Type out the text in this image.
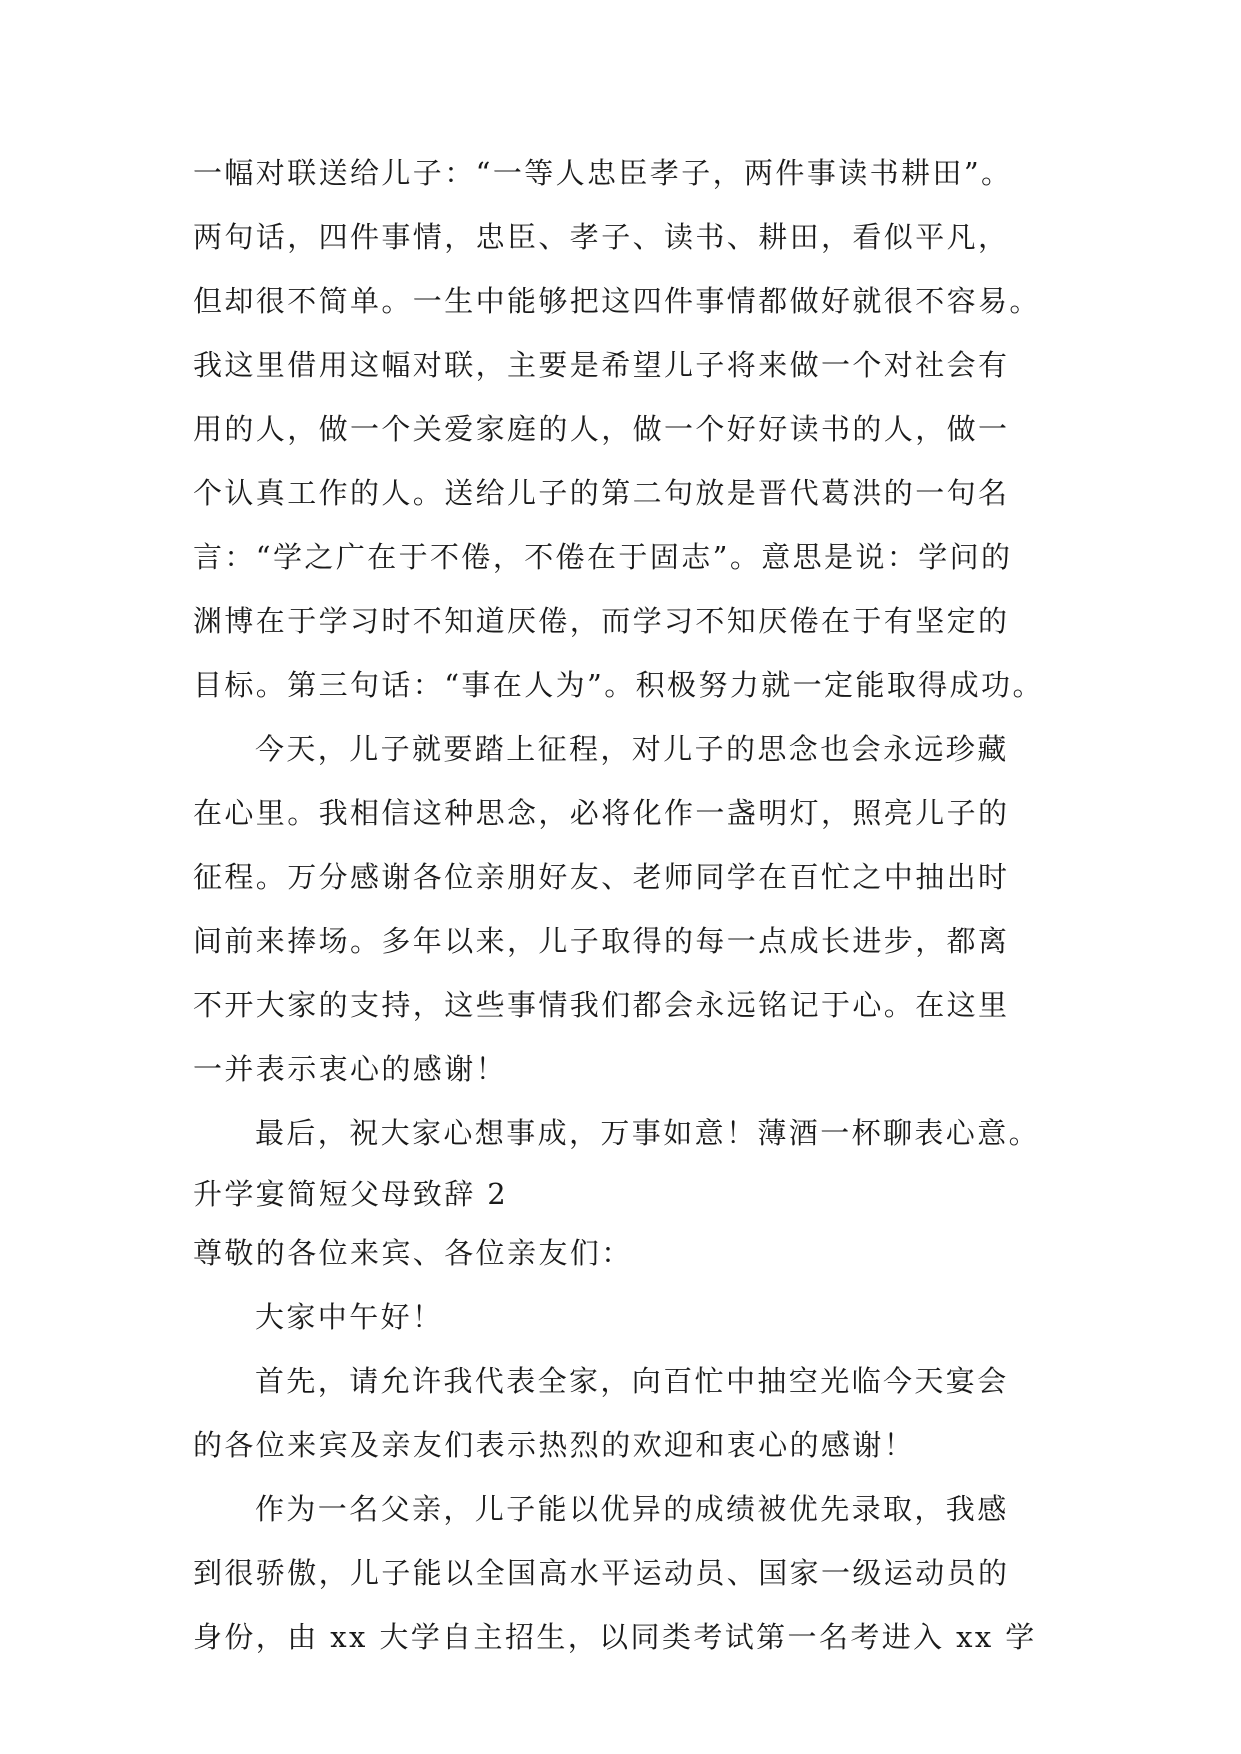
一幅对联送给儿子：“一等人忠臣孝子，两件事读书耕田”。
两句话，四件事情，忠臣、孝子、读书、耕田，看似平凡，
但却很不简单。一生中能够把这四件事情都做好就很不容易。
我这里借用这幅对联，主要是希望儿子将来做一个对社会有
用的人，做一个关爱家庭的人，做一个好好读书的人，做一
个认真工作的人。送给儿子的第二句放是晋代葛洪的一句名
言：“学之广在于不倦，不倦在于固志”。意思是说：学问的
渊博在于学习时不知道厌倦，而学习不知厌倦在于有坚定的
目标。第三句话：“事在人为”。积极努力就一定能取得成功。
今天，儿子就要踏上征程，对儿子的思念也会永远珍藏
在心里。我相信这种思念，必将化作一盏明灯，照亮儿子的
征程。万分感谢各位亲朋好友、老师同学在百忙之中抽出时
间前来捧场。多年以来，儿子取得的每一点成长进步，都离
不开大家的支持，这些事情我们都会永远铭记于心。在这里
一并表示衷心的感谢！
最后，祝大家心想事成，万事如意！薄酒一杯聊表心意。
升学宴简短父母致辞 2
尊敬的各位来宾、各位亲友们：
大家中午好！
首先，请允许我代表全家，向百忙中抽空光临今天宴会
的各位来宾及亲友们表示热烈的欢迎和衷心的感谢！
作为一名父亲，儿子能以优异的成绩被优先录取，我感
到很骄傲，儿子能以全国高水平运动员、国家一级运动员的
身份，由 xx 大学自主招生，以同类考试第一名考进入 xx 学
